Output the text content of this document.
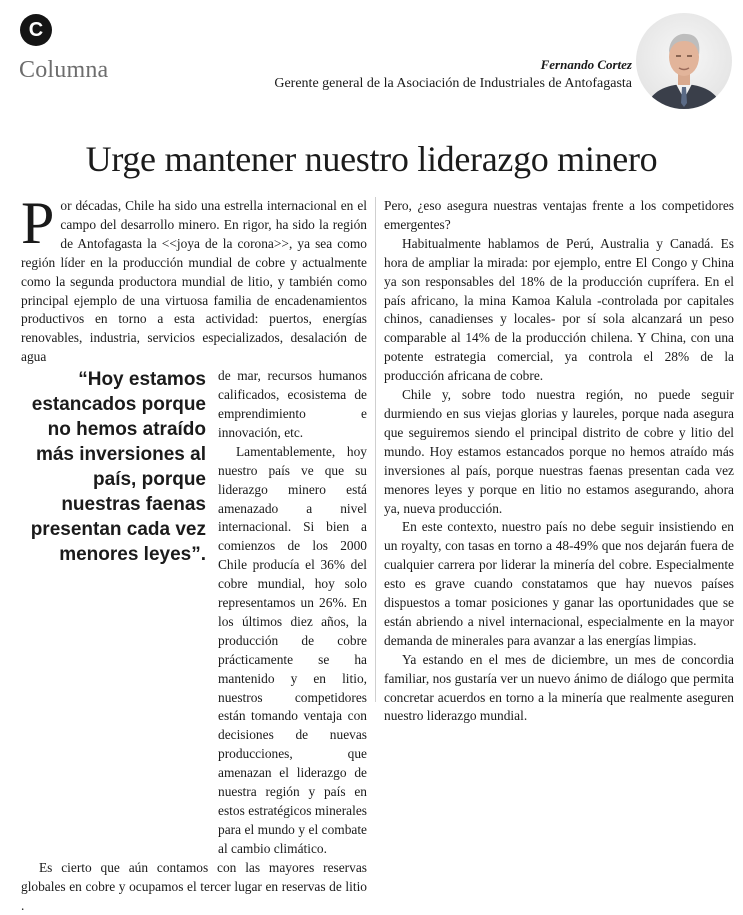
C
Columna	Fernando Cortez
Gerente general de la Asociación de Industriales de Antofagasta
Urge mantener nuestro liderazgo minero

Por décadas, Chile ha sido una estrella internacional en el campo del desarrollo minero. En rigor, ha sido la región de Antofagasta la <<joya de la corona>>, ya sea como región líder en la producción mundial de cobre y actualmente como la segunda productora mundial de litio, y también como principal ejemplo de una virtuosa familia de encadenamientos productivos en torno a esta actividad: puertos, energías renovables, industria, servicios especializados, desalación de agua

“Hoy estamos estancados porque no hemos atraído más inversiones al país, porque nuestras faenas presentan cada vez menores leyes”.

de mar, recursos humanos calificados, ecosistema de emprendimiento e innovación, etc.

Lamentablemente, hoy nuestro país ve que su liderazgo minero está amenazado a nivel internacional. Si bien a comienzos de los 2000 Chile producía el 36% del cobre mundial, hoy solo representamos un 26%. En los últimos diez años, la producción de cobre prácticamente se ha mantenido y en litio, nuestros competidores están tomando ventaja con decisiones de nuevas producciones, que amenazan el liderazgo de nuestra región y país en estos estratégicos minerales para el mundo y el combate al cambio climático.

Es cierto que aún contamos con las mayores reservas globales en cobre y ocupamos el tercer lugar en reservas de litio .

Pero, ¿eso asegura nuestras ventajas frente a los competidores emergentes?

Habitualmente hablamos de Perú, Australia y Canadá. Es hora de ampliar la mirada: por ejemplo, entre El Congo y China ya son responsables del 18% de la producción cuprífera. En el país africano, la mina Kamoa Kalula -controlada por capitales chinos, canadienses y locales- por sí sola alcanzará un peso comparable al 14% de la producción chilena. Y China, con una potente estrategia comercial, ya controla el 28% de la producción africana de cobre.

Chile y, sobre todo nuestra región, no puede seguir durmiendo en sus viejas glorias y laureles, porque nada asegura que seguiremos siendo el principal distrito de cobre y litio del mundo. Hoy estamos estancados porque no hemos atraído más inversiones al país, porque nuestras faenas presentan cada vez menores leyes y porque en litio no estamos asegurando, ahora ya, nueva producción.

En este contexto, nuestro país no debe seguir insistiendo en un royalty, con tasas en torno a 48-49% que nos dejarán fuera de cualquier carrera por liderar la minería del cobre. Especialmente esto es grave cuando constatamos que hay nuevos países dispuestos a tomar posiciones y ganar las oportunidades que se están abriendo a nivel internacional, especialmente en la mayor demanda de minerales para avanzar a las energías limpias.

Ya estando en el mes de diciembre, un mes de concordia familiar, nos gustaría ver un nuevo ánimo de diálogo que permita concretar acuerdos en torno a la minería que realmente aseguren nuestro liderazgo mundial.
